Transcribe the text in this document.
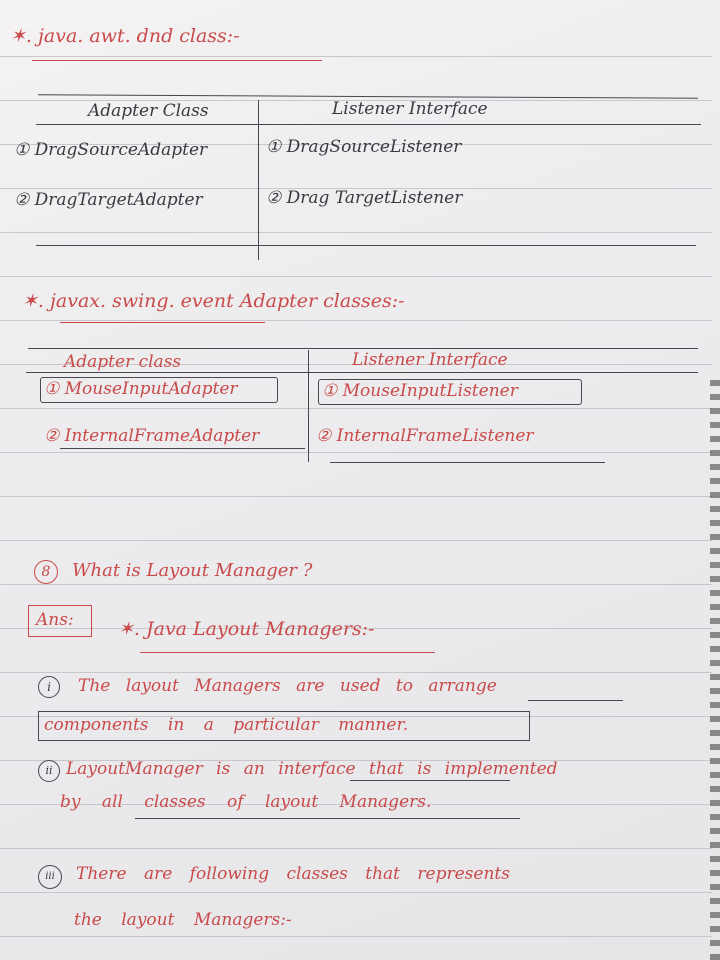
✶. java. awt. dnd class:-
Adapter Class	Listener Interface
① DragSourceAdapter	① DragSourceListener
② DragTargetAdapter	② Drag TargetListener
✶. javax. swing. event Adapter classes:-
Adapter class	Listener Interface
① MouseInputAdapter	① MouseInputListener
② InternalFrameAdapter	② InternalFrameListener
8 What is Layout Manager ?
Ans: ✶. Java Layout Managers:-
i The layout Managers are used to arrange
components in a particular manner.
ii LayoutManager is an interface that is implemented
by all classes of layout Managers.
iii There are following classes that represents
the layout Managers:-
